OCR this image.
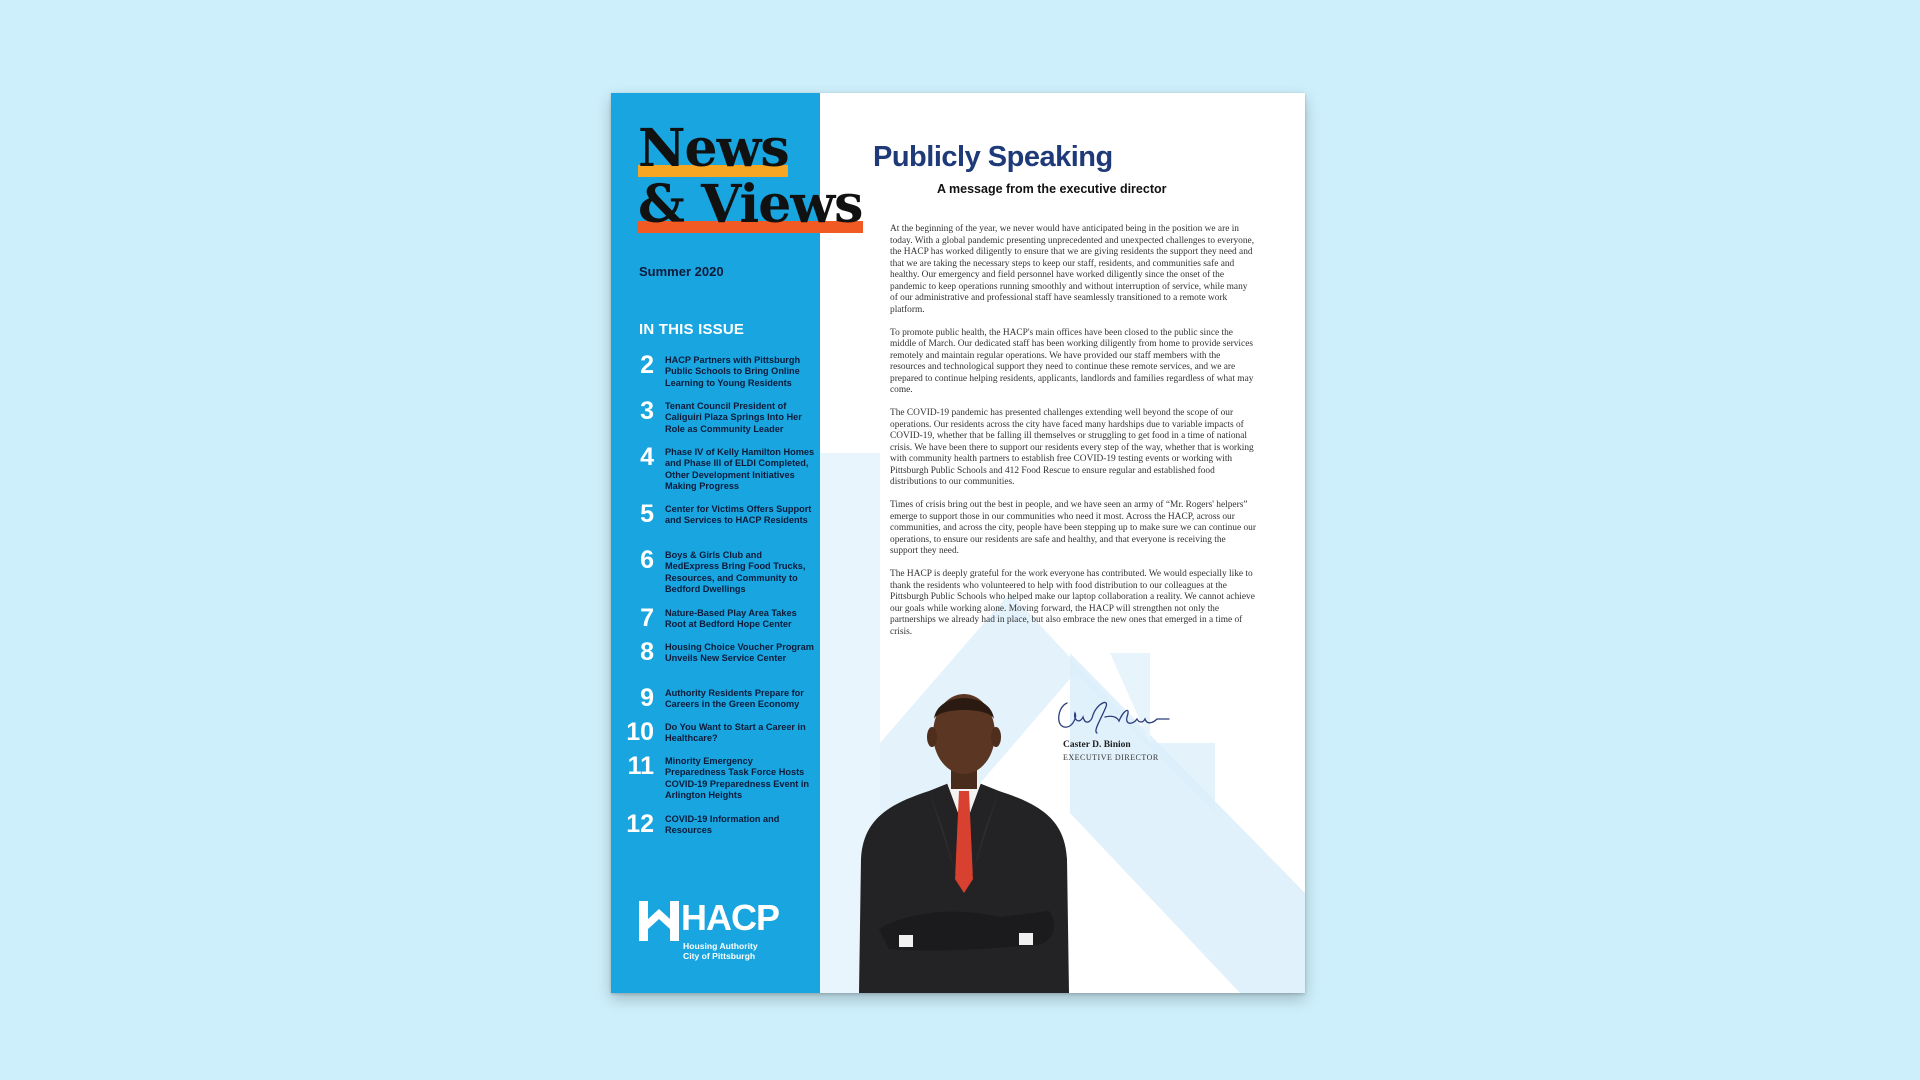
News
& Views
Summer 2020
IN THIS ISSUE
2 HACP Partners with Pittsburgh Public Schools to Bring Online Learning to Young Residents
3 Tenant Council President of Caliguiri Plaza Springs Into Her Role as Community Leader
4 Phase IV of Kelly Hamilton Homes and Phase III of ELDI Completed, Other Development Initiatives Making Progress
5 Center for Victims Offers Support and Services to HACP Residents
6 Boys & Girls Club and MedExpress Bring Food Trucks, Resources, and Community to Bedford Dwellings
7 Nature-Based Play Area Takes Root at Bedford Hope Center
8 Housing Choice Voucher Program Unveils New Service Center
9 Authority Residents Prepare for Careers in the Green Economy
10 Do You Want to Start a Career in Healthcare?
11 Minority Emergency Preparedness Task Force Hosts COVID-19 Preparedness Event in Arlington Heights
12 COVID-19 Information and Resources
HACP
Housing Authority
City of Pittsburgh
Publicly Speaking
A message from the executive director

At the beginning of the year, we never would have anticipated being in the position we are in today. With a global pandemic presenting unprecedented and unexpected challenges to everyone, the HACP has worked diligently to ensure that we are giving residents the support they need and that we are taking the necessary steps to keep our staff, residents, and communities safe and healthy. Our emergency and field personnel have worked diligently since the onset of the pandemic to keep operations running smoothly and without interruption of service, while many of our administrative and professional staff have seamlessly transitioned to a remote work platform.

To promote public health, the HACP's main offices have been closed to the public since the middle of March. Our dedicated staff has been working diligently from home to provide services remotely and maintain regular operations. We have provided our staff members with the resources and technological support they need to continue these remote services, and we are prepared to continue helping residents, applicants, landlords and families regardless of what may come.

The COVID-19 pandemic has presented challenges extending well beyond the scope of our operations. Our residents across the city have faced many hardships due to variable impacts of COVID-19, whether that be falling ill themselves or struggling to get food in a time of national crisis. We have been there to support our residents every step of the way, whether that is working with community health partners to establish free COVID-19 testing events or working with Pittsburgh Public Schools and 412 Food Rescue to ensure regular and established food distributions to our communities.

Times of crisis bring out the best in people, and we have seen an army of “Mr. Rogers' helpers” emerge to support those in our communities who need it most. Across the HACP, across our communities, and across the city, people have been stepping up to make sure we can continue our operations, to ensure our residents are safe and healthy, and that everyone is receiving the support they need.

The HACP is deeply grateful for the work everyone has contributed. We would especially like to thank the residents who volunteered to help with food distribution to our colleagues at the Pittsburgh Public Schools who helped make our laptop collaboration a reality. We cannot achieve our goals while working alone. Moving forward, the HACP will strengthen not only the partnerships we already had in place, but also embrace the new ones that emerged in a time of crisis.

Caster D. Binion
EXECUTIVE DIRECTOR
